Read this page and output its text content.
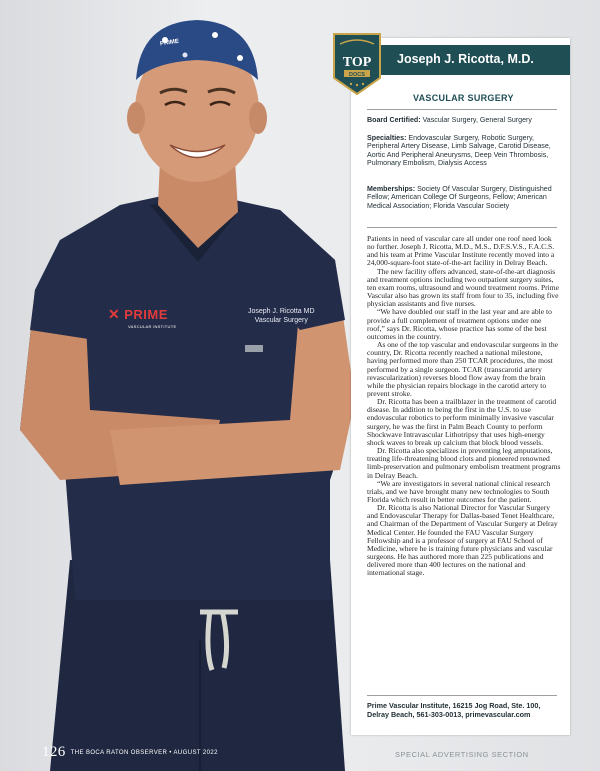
✕ PRIME
VASCULAR INSTITUTE
Joseph J. Ricotta MD
Vascular Surgery
PRIME
TOP
DOCS
Joseph J. Ricotta, M.D.
VASCULAR SURGERY
Board Certified: Vascular Surgery, General Surgery
Specialties: Endovascular Surgery, Robotic Surgery, Peripheral Artery Disease, Limb Salvage, Carotid Disease, Aortic And Peripheral Aneurysms, Deep Vein Thrombosis, Pulmonary Embolism, Dialysis Access
Memberships: Society Of Vascular Surgery, Distinguished Fellow; American College Of Surgeons, Fellow; American Medical Association; Florida Vascular Society

Patients in need of vascular care all under one roof need look no further. Joseph J. Ricotta, M.D., M.S., D.F.S.V.S., F.A.C.S. and his team at Prime Vascular Institute recently moved into a 24,000-square-foot state-of-the-art facility in Delray Beach.

The new facility offers advanced, state-of-the-art diagnosis and treatment options including two outpatient surgery suites, ten exam rooms, ultrasound and wound treatment rooms. Prime Vascular also has grown its staff from four to 35, including five physician assistants and five nurses.

“We have doubled our staff in the last year and are able to provide a full complement of treatment options under one roof,” says Dr. Ricotta, whose practice has some of the best outcomes in the country.

As one of the top vascular and endovascular surgeons in the country, Dr. Ricotta recently reached a national milestone, having performed more than 250 TCAR procedures, the most performed by a single surgeon. TCAR (transcarotid artery revascularization) reverses blood flow away from the brain while the physician repairs blockage in the carotid artery to prevent stroke.

Dr. Ricotta has been a trailblazer in the treatment of carotid disease. In addition to being the first in the U.S. to use endovascular robotics to perform minimally invasive vascular surgery, he was the first in Palm Beach County to perform Shockwave Intravascular Lithotripsy that uses high-energy shock waves to break up calcium that block blood vessels.

Dr. Ricotta also specializes in preventing leg amputations, treating life-threatening blood clots and pioneered renowned limb-preservation and pulmonary embolism treatment programs in Delray Beach.

“We are investigators in several national clinical research trials, and we have brought many new technologies to South Florida which result in better outcomes for the patient.

Dr. Ricotta is also National Director for Vascular Surgery and Endovascular Therapy for Dallas-based Tenet Healthcare, and Chairman of the Department of Vascular Surgery at Delray Medical Center. He founded the FAU Vascular Surgery Fellowship and is a professor of surgery at FAU School of Medicine, where he is training future physicians and vascular surgeons. He has authored more than 225 publications and delivered more than 400 lectures on the national and international stage.

Prime Vascular Institute, 16215 Jog Road, Ste. 100,
Delray Beach, 561-303-0013, primevascular.com
126 THE BOCA RATON OBSERVER • AUGUST 2022	SPECIAL ADVERTISING SECTION
